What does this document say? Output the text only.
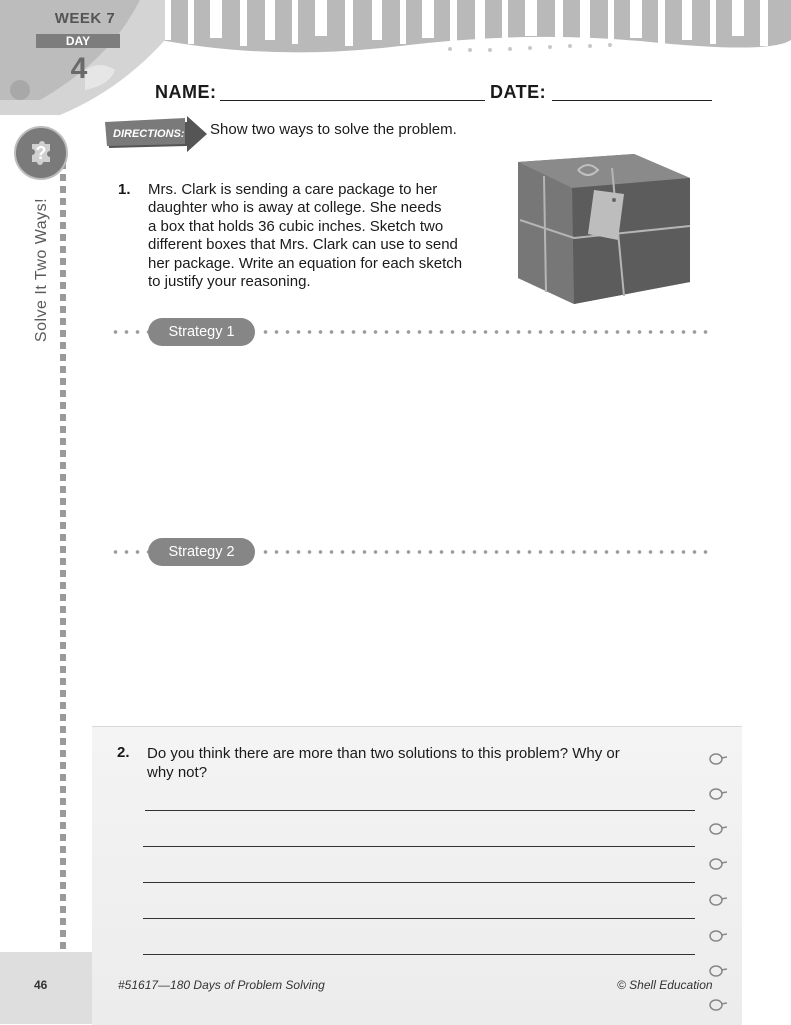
WEEK 7
DAY
4
?
Solve It Two Ways!
NAME:	DATE:
DIRECTIONS: Show two ways to solve the problem.
1. Mrs. Clark is sending a care package to her
daughter who is away at college. She needs
a box that holds 36 cubic inches. Sketch two
different boxes that Mrs. Clark can use to send
her package. Write an equation for each sketch
to justify your reasoning.
Strategy 1
Strategy 2
2. Do you think there are more than two solutions to this problem? Why or
why not?
46	#51617—180 Days of Problem Solving	© Shell Education
